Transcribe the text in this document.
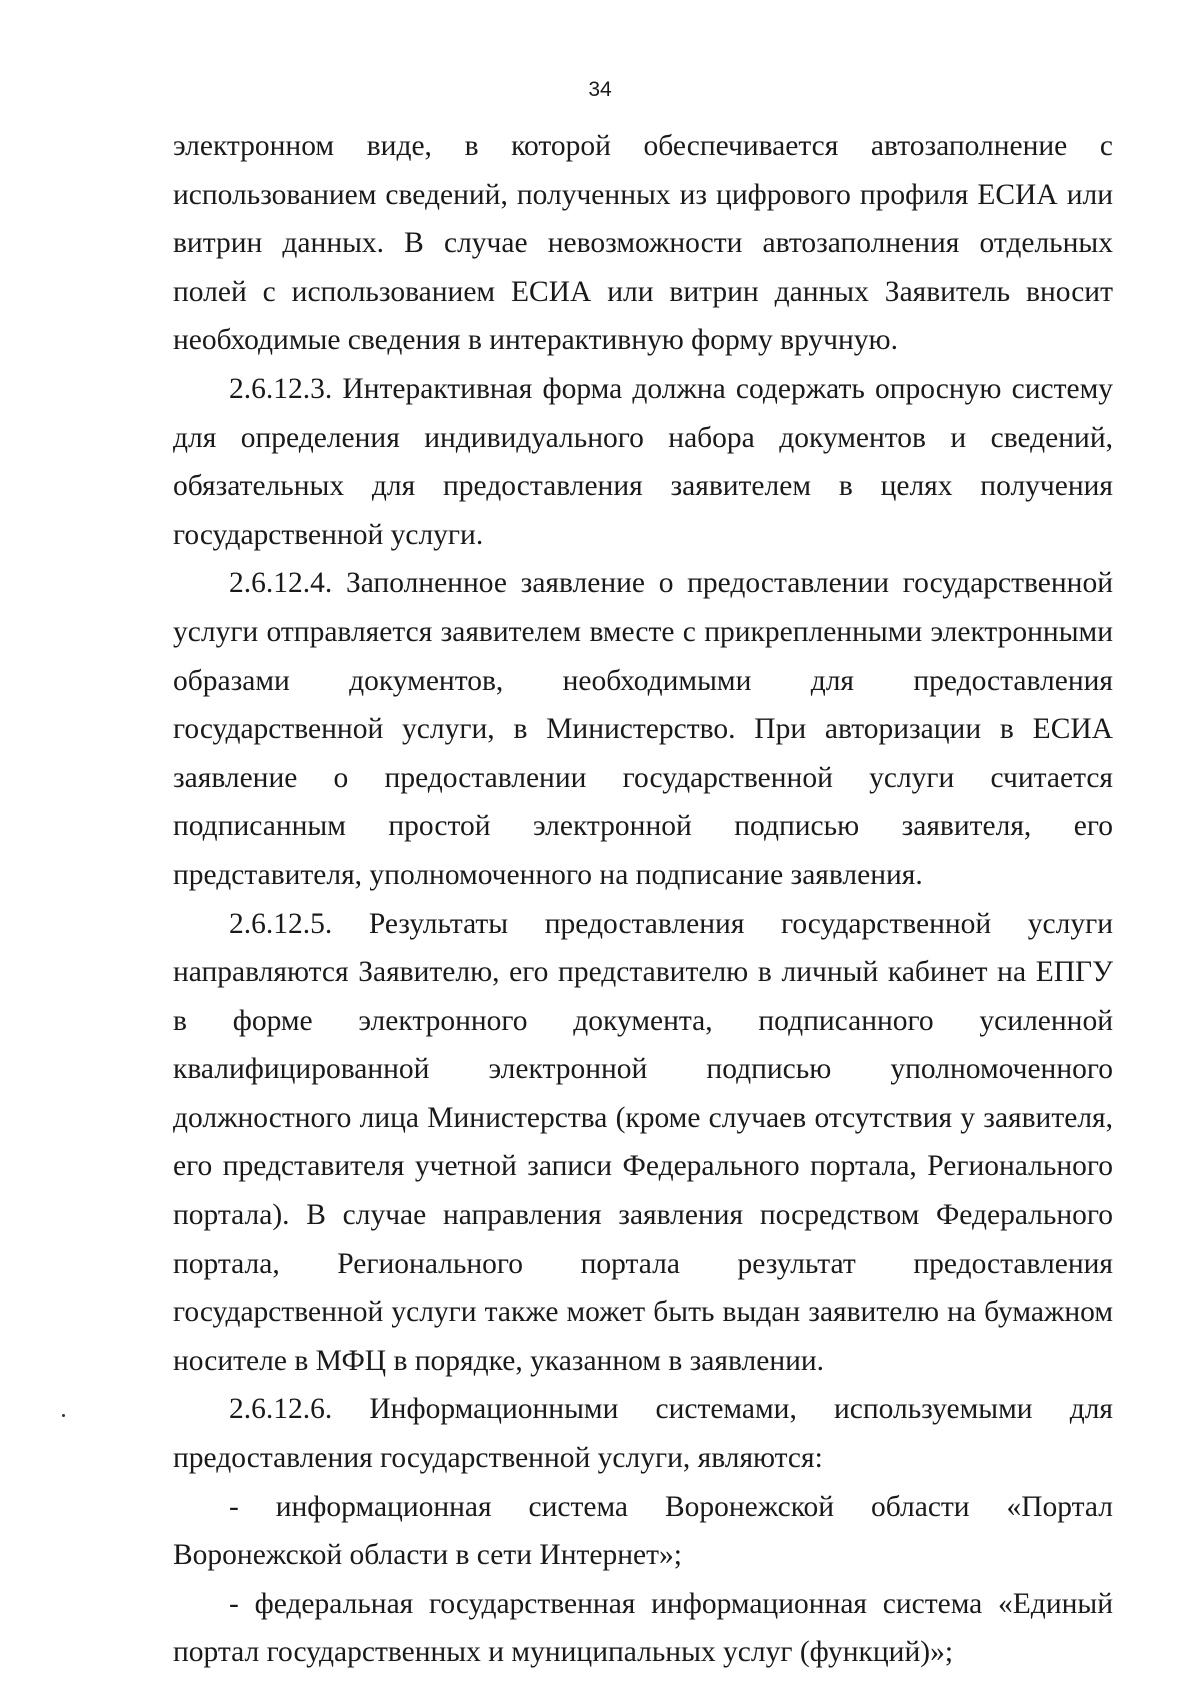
34

электронном виде, в которой обеспечивается автозаполнение с использованием сведений, полученных из цифрового профиля ЕСИА или витрин данных. В случае невозможности автозаполнения отдельных полей с использованием ЕСИА или витрин данных Заявитель вносит необходимые сведения в интерактивную форму вручную.

2.6.12.3. Интерактивная форма должна содержать опросную систему для определения индивидуального набора документов и сведений, обязательных для предоставления заявителем в целях получения государственной услуги.

2.6.12.4. Заполненное заявление о предоставлении государственной услуги отправляется заявителем вместе с прикрепленными электронными образами документов, необходимыми для предоставления государственной услуги, в Министерство. При авторизации в ЕСИА заявление о предоставлении государственной услуги считается подписанным простой электронной подписью заявителя, его представителя, уполномоченного на подписание заявления.

2.6.12.5. Результаты предоставления государственной услуги направляются Заявителю, его представителю в личный кабинет на ЕПГУ в форме электронного документа, подписанного усиленной квалифицированной электронной подписью уполномоченного должностного лица Министерства (кроме случаев отсутствия у заявителя, его представителя учетной записи Федерального портала, Регионального портала). В случае направления заявления посредством Федерального портала, Регионального портала результат предоставления государственной услуги также может быть выдан заявителю на бумажном носителе в МФЦ в порядке, указанном в заявлении.

2.6.12.6. Информационными системами, используемыми для предоставления государственной услуги, являются:

- информационная система Воронежской области «Портал Воронежской области в сети Интернет»;

- федеральная государственная информационная система «Единый портал государственных и муниципальных услуг (функций)»;
